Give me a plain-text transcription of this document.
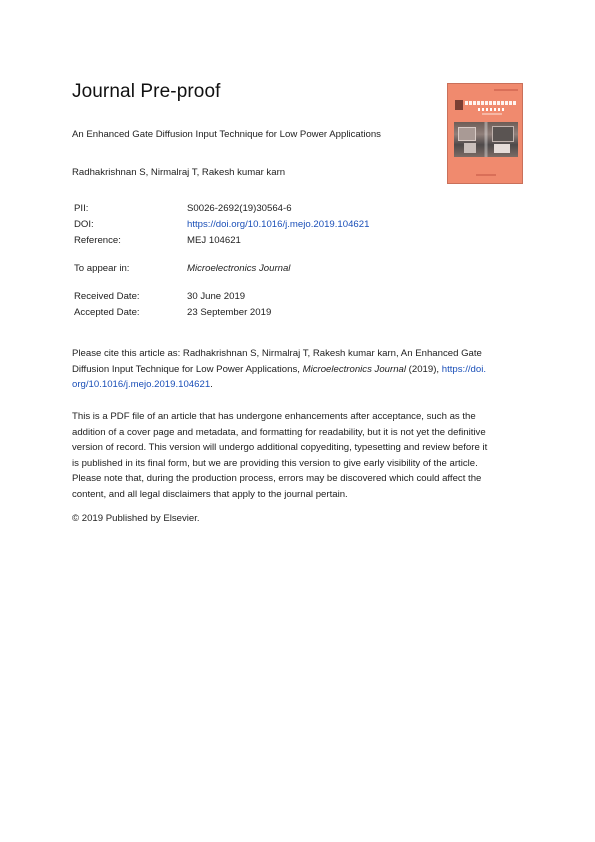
Journal Pre-proof
An Enhanced Gate Diffusion Input Technique for Low Power Applications
Radhakrishnan S, Nirmalraj T, Rakesh kumar karn
PII:	S0026-2692(19)30564-6
DOI:	https://doi.org/10.1016/j.mejo.2019.104621
Reference:	MEJ 104621
To appear in:	Microelectronics Journal
Received Date:	30 June 2019
Accepted Date:	23 September 2019
Please cite this article as: Radhakrishnan S, Nirmalraj T, Rakesh kumar karn, An Enhanced Gate
Diffusion Input Technique for Low Power Applications, Microelectronics Journal (2019), https://doi.
org/10.1016/j.mejo.2019.104621.
This is a PDF file of an article that has undergone enhancements after acceptance, such as the
addition of a cover page and metadata, and formatting for readability, but it is not yet the definitive
version of record. This version will undergo additional copyediting, typesetting and review before it
is published in its final form, but we are providing this version to give early visibility of the article.
Please note that, during the production process, errors may be discovered which could affect the
content, and all legal disclaimers that apply to the journal pertain.
© 2019 Published by Elsevier.
